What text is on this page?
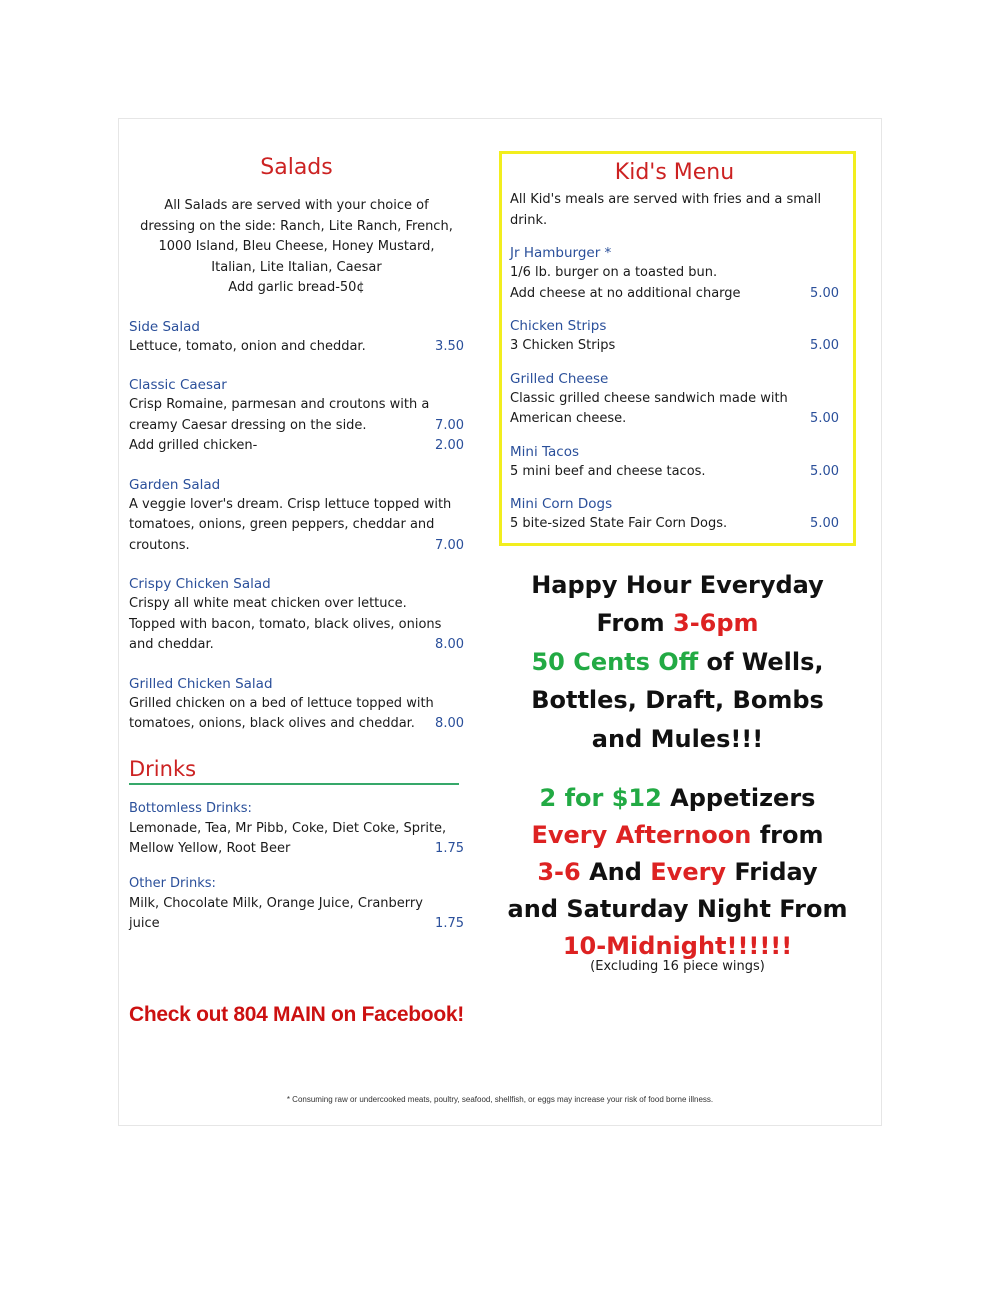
Salads
All Salads are served with your choice of
dressing on the side: Ranch, Lite Ranch, French,
1000 Island, Bleu Cheese, Honey Mustard,
Italian, Lite Italian, Caesar
Add garlic bread-50¢
Side Salad
Lettuce, tomato, onion and cheddar.	3.50
Classic Caesar
Crisp Romaine, parmesan and croutons with a
creamy Caesar dressing on the side.	7.00
Add grilled chicken-	2.00
Garden Salad
A veggie lover's dream. Crisp lettuce topped with
tomatoes, onions, green peppers, cheddar and
croutons.	7.00
Crispy Chicken Salad
Crispy all white meat chicken over lettuce.
Topped with bacon, tomato, black olives, onions
and cheddar.	8.00
Grilled Chicken Salad
Grilled chicken on a bed of lettuce topped with
tomatoes, onions, black olives and cheddar. 8.00
Drinks
Bottomless Drinks:
Lemonade, Tea, Mr Pibb, Coke, Diet Coke, Sprite,
Mellow Yellow, Root Beer	1.75
Other Drinks:
Milk, Chocolate Milk, Orange Juice, Cranberry
juice	1.75
Check out 804 MAIN on Facebook!
Kid's Menu
All Kid's meals are served with fries and a small drink.
Jr Hamburger *
1/6 lb. burger on a toasted bun.
Add cheese at no additional charge	5.00
Chicken Strips
3 Chicken Strips	5.00
Grilled Cheese
Classic grilled cheese sandwich made with
American cheese.	5.00
Mini Tacos
5 mini beef and cheese tacos.	5.00
Mini Corn Dogs
5 bite-sized State Fair Corn Dogs.	5.00
Happy Hour Everyday
From 3-6pm
50 Cents Off of Wells,
Bottles, Draft, Bombs
and Mules!!!
2 for $12 Appetizers
Every Afternoon from
3-6 And Every Friday
and Saturday Night From
10-Midnight!!!!!!
(Excluding 16 piece wings)
* Consuming raw or undercooked meats, poultry, seafood, shellfish, or eggs may increase your risk of food borne illness.
